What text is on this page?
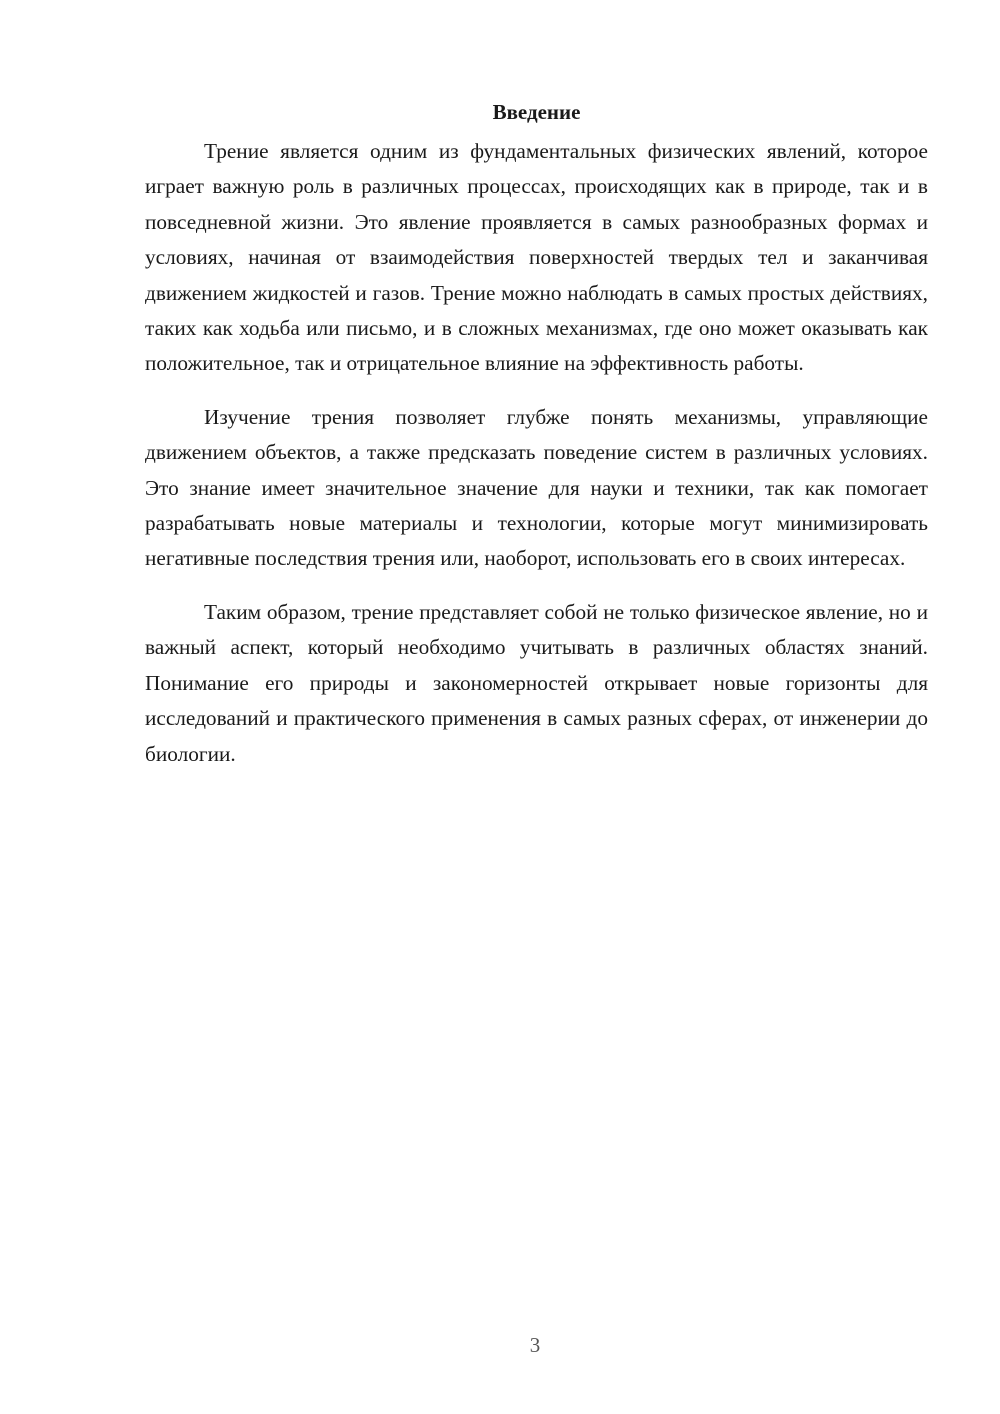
Введение

Трение является одним из фундаментальных физических явлений, которое играет важную роль в различных процессах, происходящих как в природе, так и в повседневной жизни. Это явление проявляется в самых разнообразных формах и условиях, начиная от взаимодействия поверхностей твердых тел и заканчивая движением жидкостей и газов. Трение можно наблюдать в самых простых действиях, таких как ходьба или письмо, и в сложных механизмах, где оно может оказывать как положительное, так и отрицательное влияние на эффективность работы.

Изучение трения позволяет глубже понять механизмы, управляющие движением объектов, а также предсказать поведение систем в различных условиях. Это знание имеет значительное значение для науки и техники, так как помогает разрабатывать новые материалы и технологии, которые могут минимизировать негативные последствия трения или, наоборот, использовать его в своих интересах.

Таким образом, трение представляет собой не только физическое явление, но и важный аспект, который необходимо учитывать в различных областях знаний. Понимание его природы и закономерностей открывает новые горизонты для исследований и практического применения в самых разных сферах, от инженерии до биологии.

3
